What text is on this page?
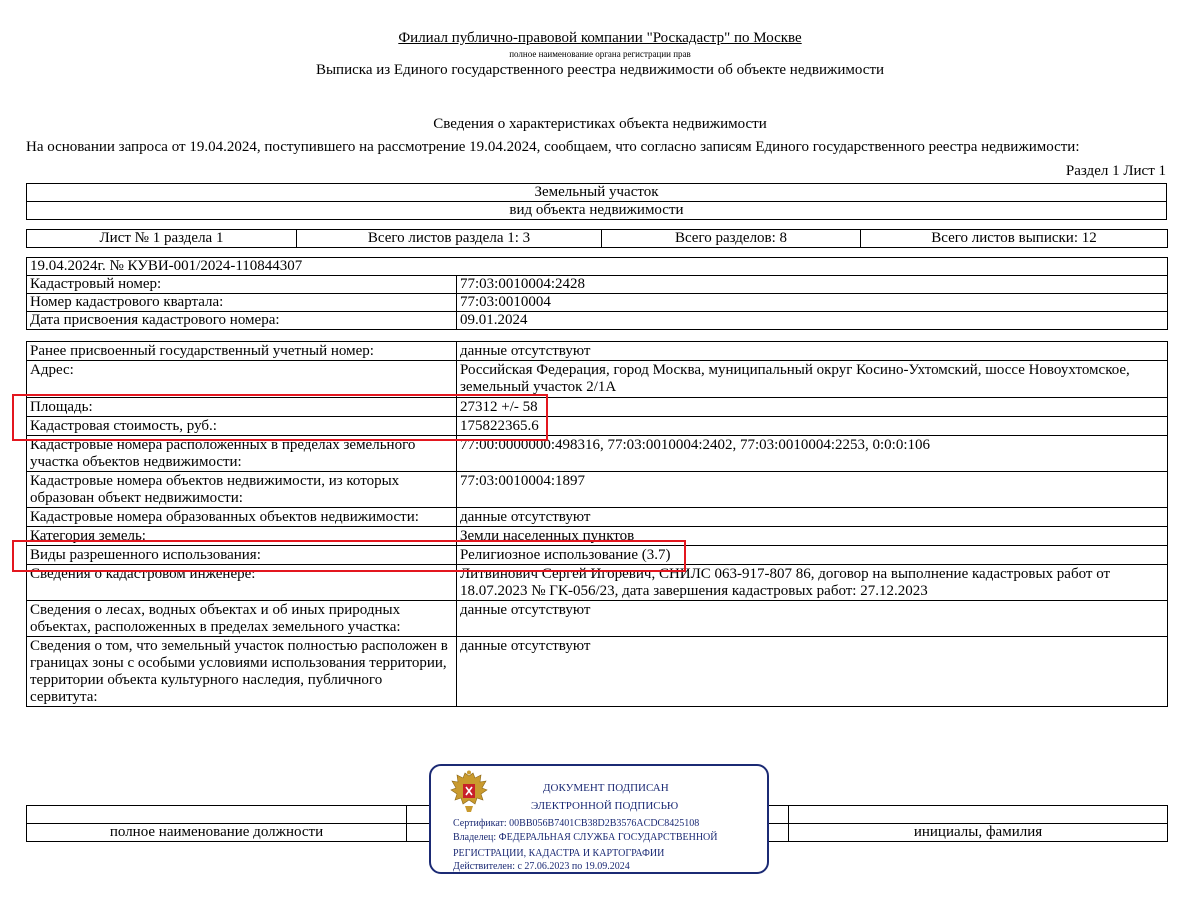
Филиал публично-правовой компании "Роскадастр" по Москве
полное наименование органа регистрации прав
Выписка из Единого государственного реестра недвижимости об объекте недвижимости
Сведения о характеристиках объекта недвижимости
На основании запроса от 19.04.2024, поступившего на рассмотрение 19.04.2024, сообщаем, что согласно записям Единого государственного реестра недвижимости:
Раздел 1 Лист 1
Земельный участок
вид объекта недвижимости
Лист № 1 раздела 1	Всего листов раздела 1: 3	Всего разделов: 8	Всего листов выписки: 12
19.04.2024г. № КУВИ-001/2024-110844307	
Кадастровый номер:	77:03:0010004:2428
Номер кадастрового квартала:	77:03:0010004
Дата присвоения кадастрового номера:	09.01.2024
Ранее присвоенный государственный учетный номер:	данные отсутствуют
Адрес:	Российская Федерация, город Москва, муниципальный округ Косино-Ухтомский, шоссе Новоухтомское, земельный участок 2/1А
Площадь:	27312 +/- 58
Кадастровая стоимость, руб.:	175822365.6
Кадастровые номера расположенных в пределах земельного участка объектов недвижимости:	77:00:0000000:498316, 77:03:0010004:2402, 77:03:0010004:2253, 0:0:0:106
Кадастровые номера объектов недвижимости, из которых образован объект недвижимости:	77:03:0010004:1897
Кадастровые номера образованных объектов недвижимости:	данные отсутствуют
Категория земель:	Земли населенных пунктов
Виды разрешенного использования:	Религиозное использование (3.7)
Сведения о кадастровом инженере:	Литвинович Сергей Игоревич, СНИЛС 063-917-807 86, договор на выполнение кадастровых работ от 18.07.2023 № ГК-056/23, дата завершения кадастровых работ: 27.12.2023
Сведения о лесах, водных объектах и об иных природных объектах, расположенных в пределах земельного участка:	данные отсутствуют
Сведения о том, что земельный участок полностью расположен в границах зоны с особыми условиями использования территории, территории объекта культурного наследия, публичного сервитута:	данные отсутствуют

полное наименование должности		инициалы, фамилия
ДОКУМЕНТ ПОДПИСАН
ЭЛЕКТРОННОЙ ПОДПИСЬЮ
Сертификат: 00BB056B7401CB38D2B3576ACDC8425108
Владелец: ФЕДЕРАЛЬНАЯ СЛУЖБА ГОСУДАРСТВЕННОЙ
РЕГИСТРАЦИИ, КАДАСТРА И КАРТОГРАФИИ
Действителен: с 27.06.2023 по 19.09.2024
